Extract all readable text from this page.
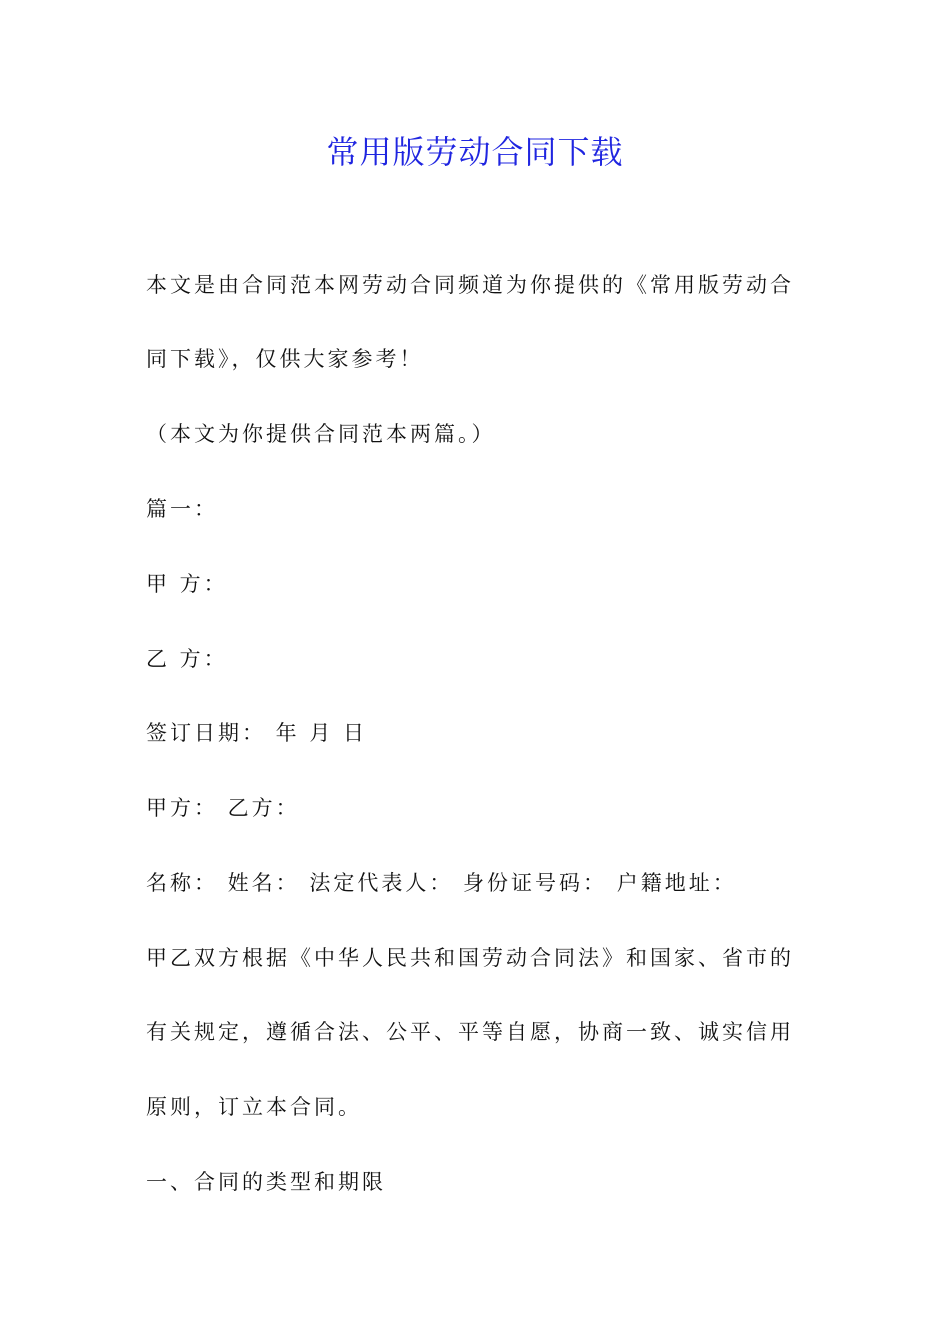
常用版劳动合同下载

本文是由合同范本网劳动合同频道为你提供的《常用版劳动合

同下载》，仅供大家参考！

（本文为你提供合同范本两篇。）

篇一：

甲 方：

乙 方：

签订日期： 年 月 日

甲方： 乙方：

名称： 姓名： 法定代表人： 身份证号码： 户籍地址：

甲乙双方根据《中华人民共和国劳动合同法》和国家、省市的

有关规定，遵循合法、公平、平等自愿，协商一致、诚实信用

原则，订立本合同。

一、合同的类型和期限
